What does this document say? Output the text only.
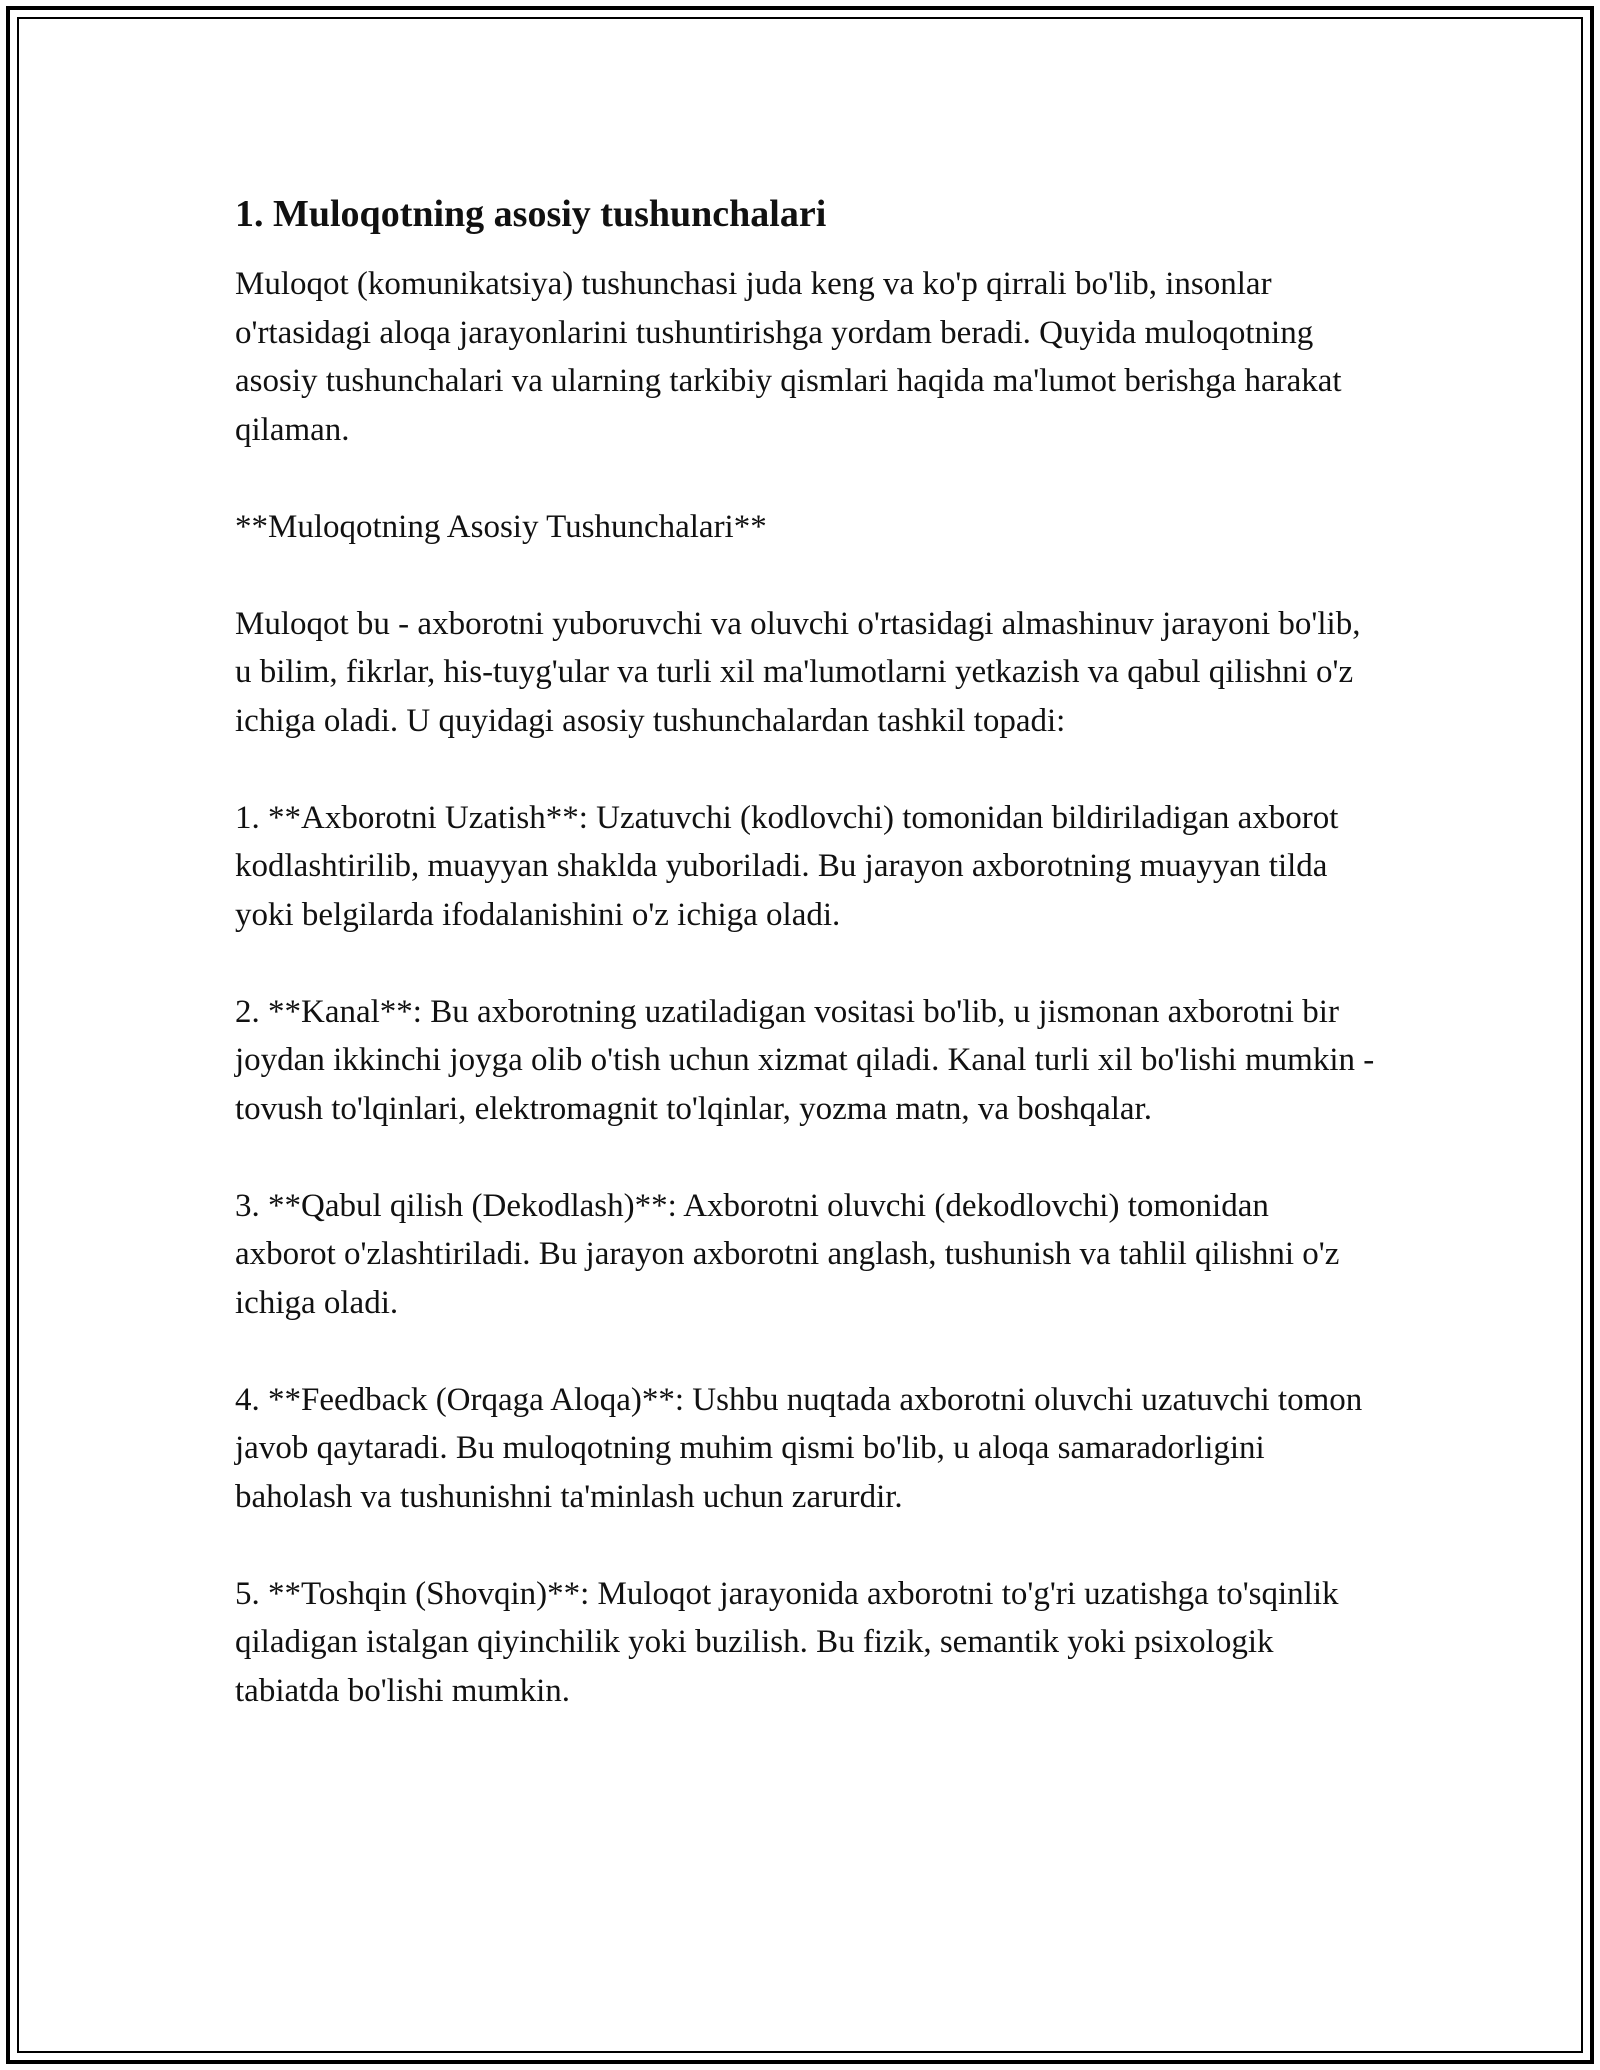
1. Muloqotning asosiy tushunchalari

Muloqot (komunikatsiya) tushunchasi juda keng va ko'p qirrali bo'lib, insonlar o'rtasidagi aloqa jarayonlarini tushuntirishga yordam beradi. Quyida muloqotning asosiy tushunchalari va ularning tarkibiy qismlari haqida ma'lumot berishga harakat qilaman.

**Muloqotning Asosiy Tushunchalari**

Muloqot bu - axborotni yuboruvchi va oluvchi o'rtasidagi almashinuv jarayoni bo'lib, u bilim, fikrlar, his-tuyg'ular va turli xil ma'lumotlarni yetkazish va qabul qilishni o'z ichiga oladi. U quyidagi asosiy tushunchalardan tashkil topadi:

1. **Axborotni Uzatish**: Uzatuvchi (kodlovchi) tomonidan bildiriladigan axborot kodlashtirilib, muayyan shaklda yuboriladi. Bu jarayon axborotning muayyan tilda yoki belgilarda ifodalanishini o'z ichiga oladi.

2. **Kanal**: Bu axborotning uzatiladigan vositasi bo'lib, u jismonan axborotni bir joydan ikkinchi joyga olib o'tish uchun xizmat qiladi. Kanal turli xil bo'lishi mumkin - tovush to'lqinlari, elektromagnit to'lqinlar, yozma matn, va boshqalar.

3. **Qabul qilish (Dekodlash)**: Axborotni oluvchi (dekodlovchi) tomonidan axborot o'zlashtiriladi. Bu jarayon axborotni anglash, tushunish va tahlil qilishni o'z ichiga oladi.

4. **Feedback (Orqaga Aloqa)**: Ushbu nuqtada axborotni oluvchi uzatuvchi tomon javob qaytaradi. Bu muloqotning muhim qismi bo'lib, u aloqa samaradorligini baholash va tushunishni ta'minlash uchun zarurdir.

5. **Toshqin (Shovqin)**: Muloqot jarayonida axborotni to'g'ri uzatishga to'sqinlik qiladigan istalgan qiyinchilik yoki buzilish. Bu fizik, semantik yoki psixologik tabiatda bo'lishi mumkin.
